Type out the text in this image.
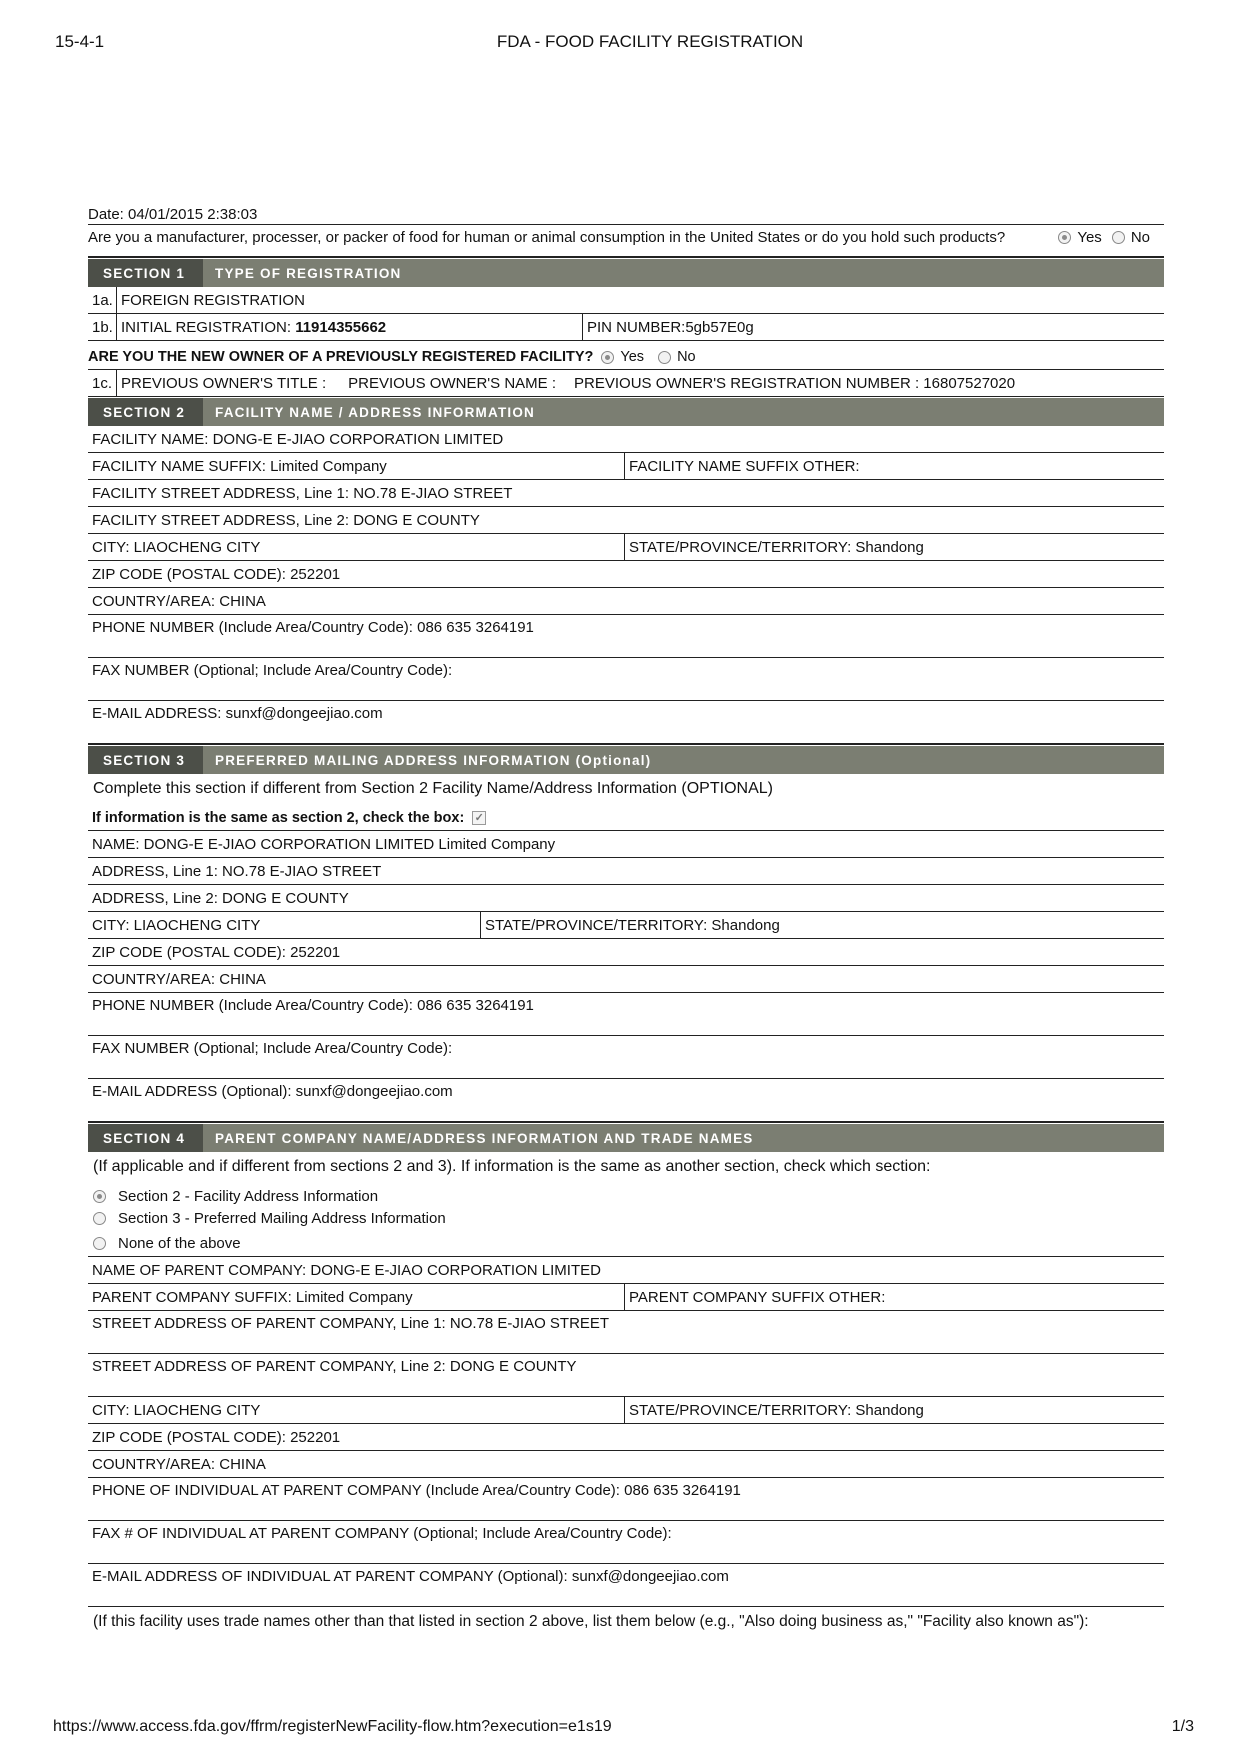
15-4-1	FDA - FOOD FACILITY REGISTRATION
Date: 04/01/2015 2:38:03
Are you a manufacturer, processer, or packer of food for human or animal consumption in the United States or do you hold such products?	Yes No
SECTION 1	TYPE OF REGISTRATION
1a. FOREIGN REGISTRATION
1b. INITIAL REGISTRATION: 11914355662	PIN NUMBER:5gb57E0g
ARE YOU THE NEW OWNER OF A PREVIOUSLY REGISTERED FACILITY? Yes No
1c. PREVIOUS OWNER'S TITLE :	PREVIOUS OWNER'S NAME :	PREVIOUS OWNER'S REGISTRATION NUMBER : 16807527020
SECTION 2	FACILITY NAME / ADDRESS INFORMATION
FACILITY NAME: DONG-E E-JIAO CORPORATION LIMITED
FACILITY NAME SUFFIX: Limited Company	FACILITY NAME SUFFIX OTHER:
FACILITY STREET ADDRESS, Line 1: NO.78 E-JIAO STREET
FACILITY STREET ADDRESS, Line 2: DONG E COUNTY
CITY: LIAOCHENG CITY	STATE/PROVINCE/TERRITORY: Shandong
ZIP CODE (POSTAL CODE): 252201
COUNTRY/AREA: CHINA
PHONE NUMBER (Include Area/Country Code): 086 635 3264191
FAX NUMBER (Optional; Include Area/Country Code):
E-MAIL ADDRESS: sunxf@dongeejiao.com
SECTION 3	PREFERRED MAILING ADDRESS INFORMATION (Optional)
Complete this section if different from Section 2 Facility Name/Address Information (OPTIONAL)
If information is the same as section 2, check the box: ✓
NAME: DONG-E E-JIAO CORPORATION LIMITED Limited Company
ADDRESS, Line 1: NO.78 E-JIAO STREET
ADDRESS, Line 2: DONG E COUNTY
CITY: LIAOCHENG CITY	STATE/PROVINCE/TERRITORY: Shandong
ZIP CODE (POSTAL CODE): 252201
COUNTRY/AREA: CHINA
PHONE NUMBER (Include Area/Country Code): 086 635 3264191
FAX NUMBER (Optional; Include Area/Country Code):
E-MAIL ADDRESS (Optional): sunxf@dongeejiao.com
SECTION 4	PARENT COMPANY NAME/ADDRESS INFORMATION AND TRADE NAMES
(If applicable and if different from sections 2 and 3). If information is the same as another section, check which section:
Section 2 - Facility Address Information
Section 3 - Preferred Mailing Address Information
None of the above
NAME OF PARENT COMPANY: DONG-E E-JIAO CORPORATION LIMITED
PARENT COMPANY SUFFIX: Limited Company	PARENT COMPANY SUFFIX OTHER:
STREET ADDRESS OF PARENT COMPANY, Line 1: NO.78 E-JIAO STREET
STREET ADDRESS OF PARENT COMPANY, Line 2: DONG E COUNTY
CITY: LIAOCHENG CITY	STATE/PROVINCE/TERRITORY: Shandong
ZIP CODE (POSTAL CODE): 252201
COUNTRY/AREA: CHINA
PHONE OF INDIVIDUAL AT PARENT COMPANY (Include Area/Country Code): 086 635 3264191
FAX # OF INDIVIDUAL AT PARENT COMPANY (Optional; Include Area/Country Code):
E-MAIL ADDRESS OF INDIVIDUAL AT PARENT COMPANY (Optional): sunxf@dongeejiao.com
(If this facility uses trade names other than that listed in section 2 above, list them below (e.g., "Also doing business as," "Facility also known as"):
https://www.access.fda.gov/ffrm/registerNewFacility-flow.htm?execution=e1s19	1/3
